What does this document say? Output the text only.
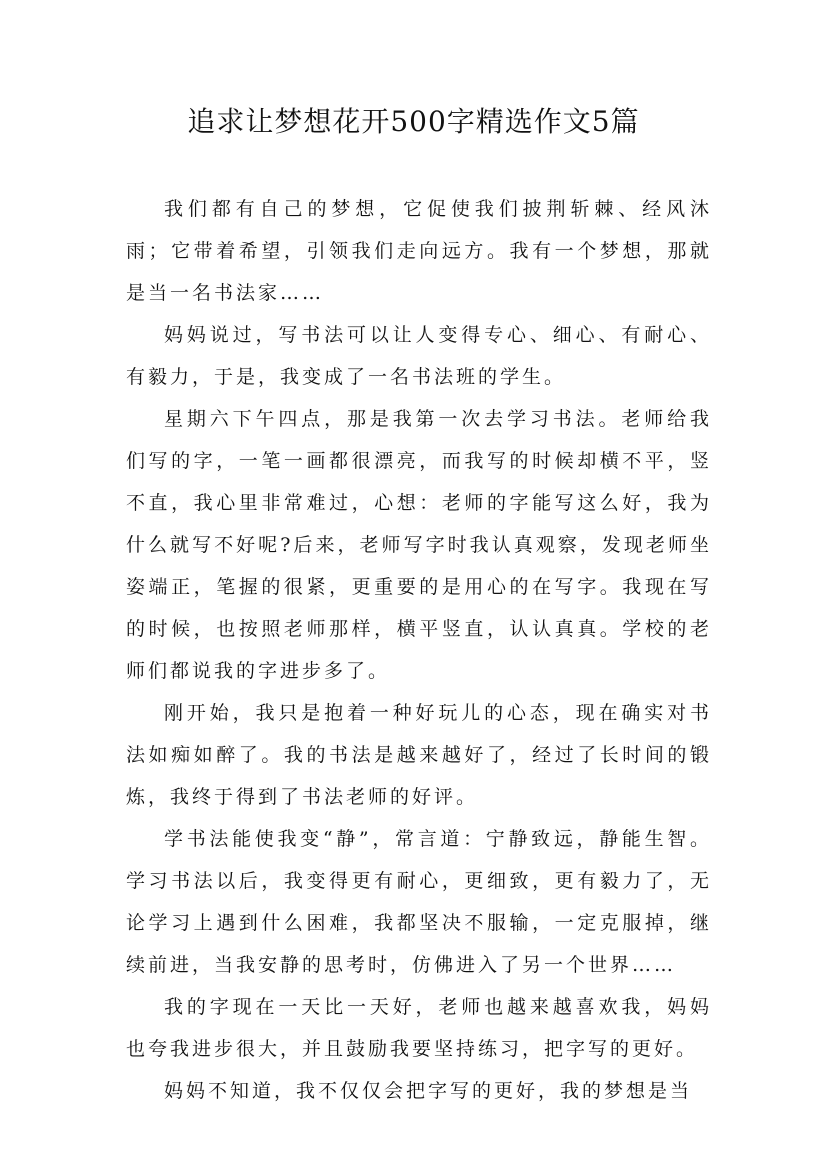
追求让梦想花开500字精选作文5篇

我们都有自己的梦想，它促使我们披荆斩棘、经风沐雨；它带着希望，引领我们走向远方。我有一个梦想，那就是当一名书法家……

妈妈说过，写书法可以让人变得专心、细心、有耐心、有毅力，于是，我变成了一名书法班的学生。

星期六下午四点，那是我第一次去学习书法。老师给我们写的字，一笔一画都很漂亮，而我写的时候却横不平，竖不直，我心里非常难过，心想：老师的字能写这么好，我为什么就写不好呢?后来，老师写字时我认真观察，发现老师坐姿端正，笔握的很紧，更重要的是用心的在写字。我现在写的时候，也按照老师那样，横平竖直，认认真真。学校的老师们都说我的字进步多了。

刚开始，我只是抱着一种好玩儿的心态，现在确实对书法如痴如醉了。我的书法是越来越好了，经过了长时间的锻炼，我终于得到了书法老师的好评。

学书法能使我变“静”，常言道：宁静致远，静能生智。学习书法以后，我变得更有耐心，更细致，更有毅力了，无论学习上遇到什么困难，我都坚决不服输，一定克服掉，继续前进，当我安静的思考时，仿佛进入了另一个世界……

我的字现在一天比一天好，老师也越来越喜欢我，妈妈也夸我进步很大，并且鼓励我要坚持练习，把字写的更好。

妈妈不知道，我不仅仅会把字写的更好，我的梦想是当
